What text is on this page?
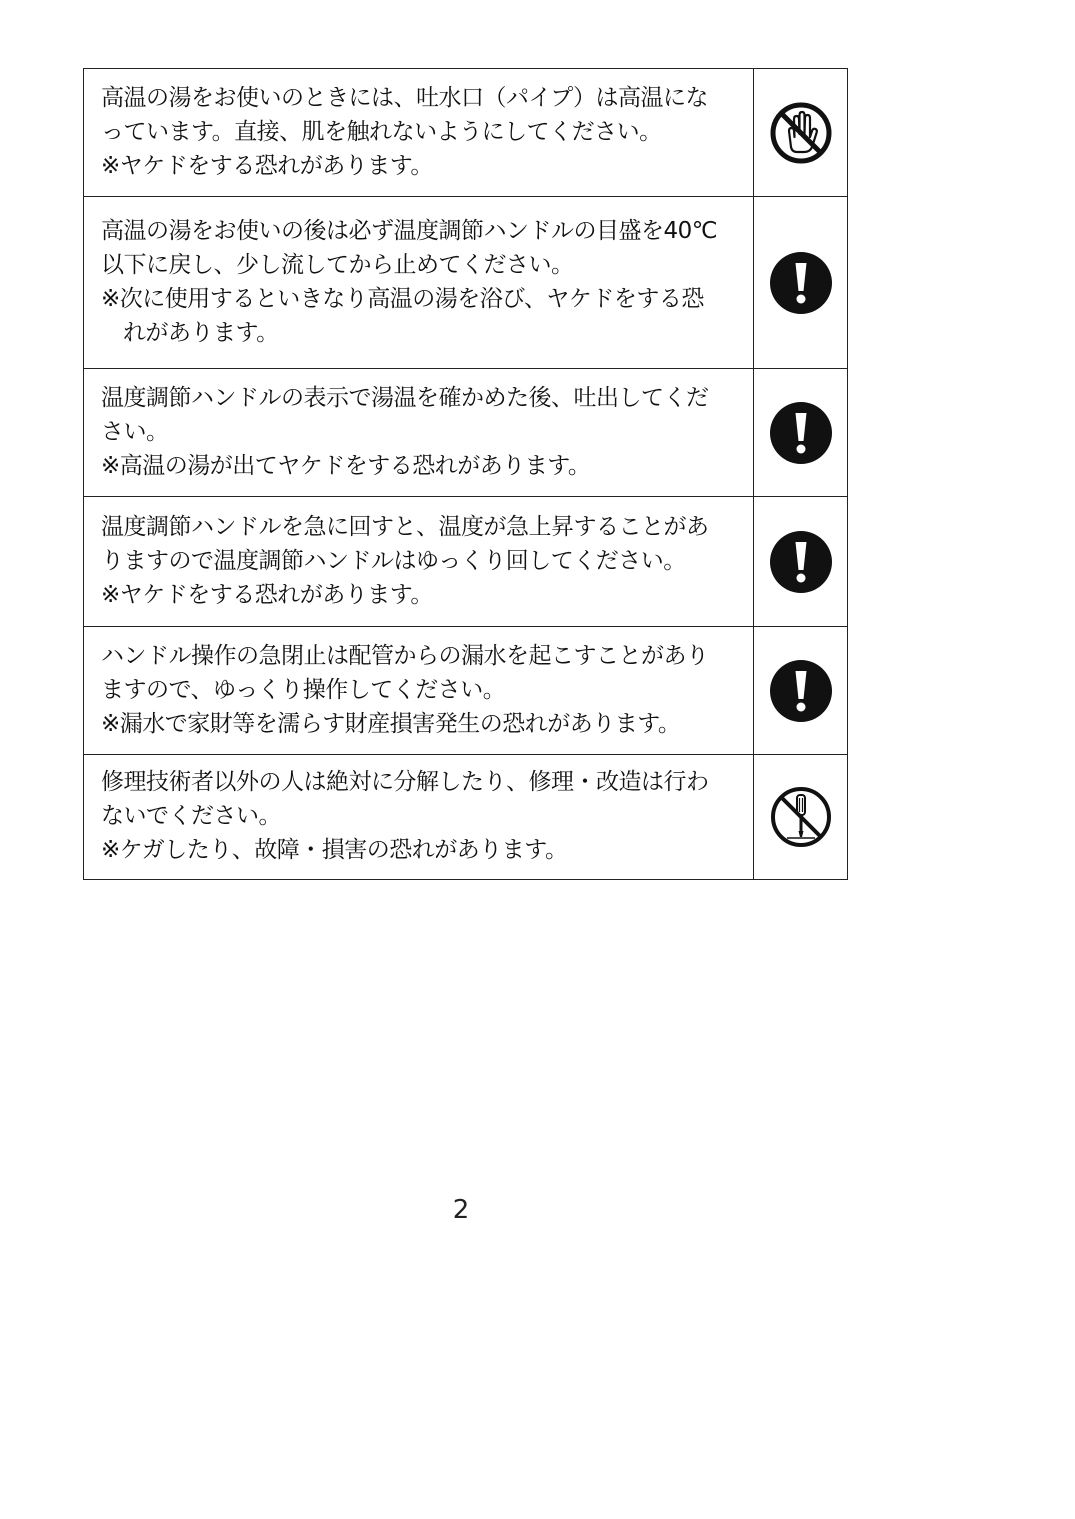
高温の湯をお使いのときには、吐水口（パイプ）は高温にな
っています。直接、肌を触れないようにしてください。
※ヤケドをする恐れがあります。

高温の湯をお使いの後は必ず温度調節ハンドルの目盛を40℃
以下に戻し、少し流してから止めてください。
※次に使用するといきなり高温の湯を浴び、ヤケドをする恐
れがあります。

温度調節ハンドルの表示で湯温を確かめた後、吐出してくだ
さい。
※高温の湯が出てヤケドをする恐れがあります。

温度調節ハンドルを急に回すと、温度が急上昇することがあ
りますので温度調節ハンドルはゆっくり回してください。
※ヤケドをする恐れがあります。

ハンドル操作の急閉止は配管からの漏水を起こすことがあり
ますので、ゆっくり操作してください。
※漏水で家財等を濡らす財産損害発生の恐れがあります。

修理技術者以外の人は絶対に分解したり、修理・改造は行わ
ないでください。
※ケガしたり、故障・損害の恐れがあります。

2
